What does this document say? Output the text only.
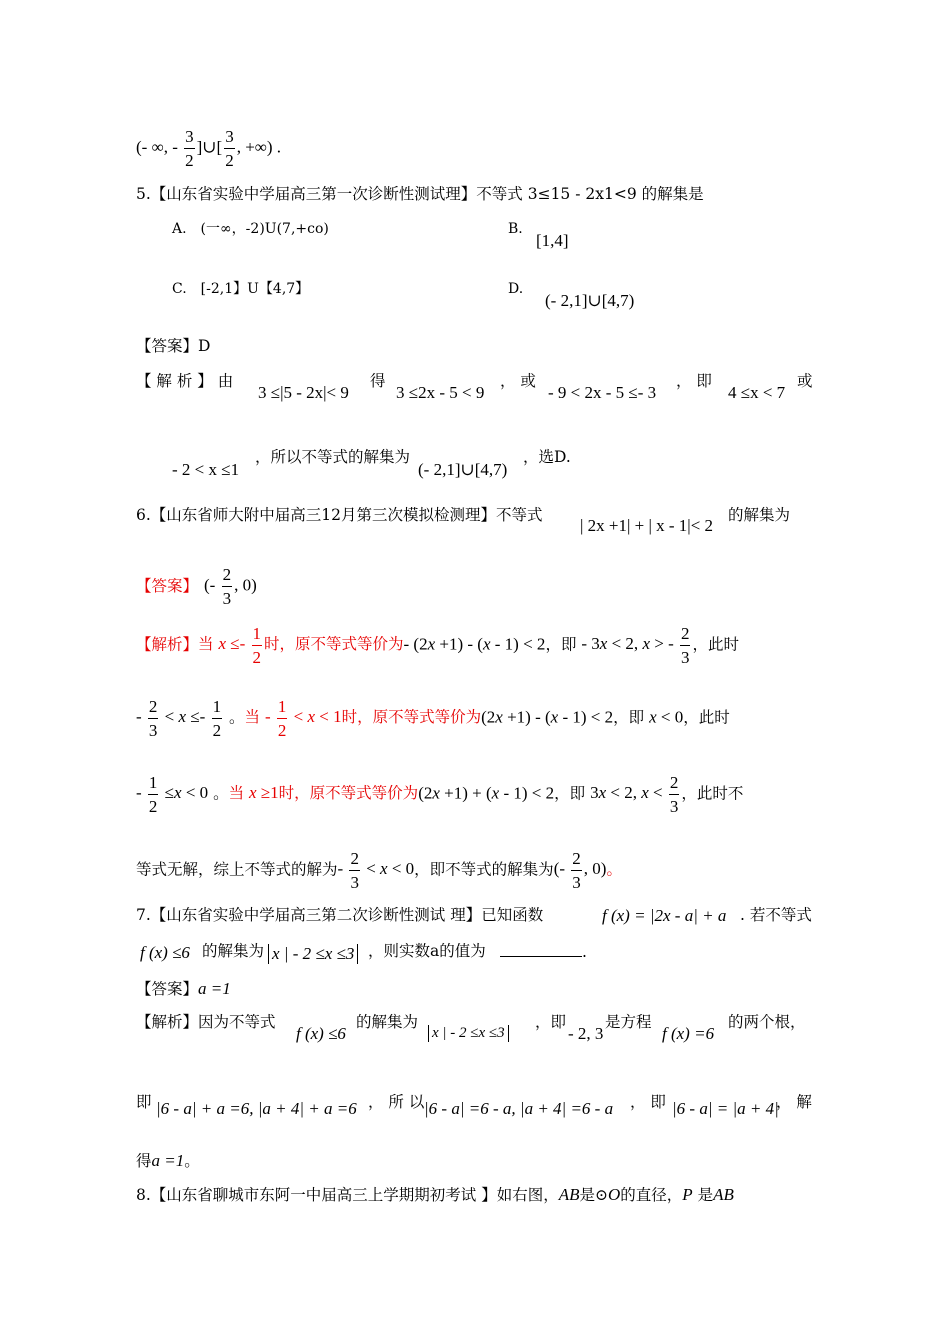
(- ∞, - $\frac{3}{2}$ ]∪[ $\frac{3}{2}$ , +∞) .
5.【山东省实验中学届高三第一次诊断性测试理】不等式 3≤15 - 2x1<9 的解集是
A.　(一∞，-2)U(7,+co)	B.
[1,4]
C.　[-2,1】U【4,7】	D.
(- 2,1]∪[4,7)
【答案】D
【 解 析 】 由
3 ≤|5 - 2x|< 9
得
3 ≤2x - 5 < 9
， 或
- 9 < 2x - 5 ≤- 3
， 即
4 ≤x < 7
或
- 2 < x ≤1
，所以不等式的解集为
(- 2,1]∪[4,7)
，选D.
6.【山东省师大附中届高三12月第三次模拟检测理】不等式
| 2x +1| + | x - 1|< 2
的解集为
【答案】 (- $\frac{2}{3}$ , 0)
【解析】当 $x \le- \frac{1}{2}$ 时，原不等式等价为- (2x +1) - (x - 1) < 2，即 - 3x < 2, x > - $\frac{2}{3}$ ，此时
- $\frac{2}{3} < x \le- \frac{1}{2}$ 。当 - $\frac{1}{2} < x < 1$时，原不等式等价为(2x +1) - (x - 1) < 2，即 x < 0，此时
- $\frac{1}{2} \le x < 0$ 。当 x ≥1时，原不等式等价为(2x +1) + (x - 1) < 2，即 3x < 2, $x < \frac{2}{3}$ ，此时不
等式无解，综上不等式的解为- $\frac{2}{3} < x < 0$，即不等式的解集为(- $\frac{2}{3}$ , 0)。
7.【山东省实验中学届高三第二次诊断性测试 理】已知函数	f (x) = |2x - a| + a . 若不等式
f (x) ≤6 的解集为 x | - 2 ≤x ≤3 ，则实数a的值为	.
【答案】a =1
【解析】因为不等式
f (x) ≤6
的解集为
x | - 2 ≤x ≤3
，即
- 2, 3
是方程
f (x) =6
的两个根，
即 |6 - a| + a =6, |a + 4| + a =6 ， 所 以 |6 - a| =6 - a, |a + 4| =6 - a ， 即 |6 - a| = |a + 4|
， 解
得a =1。
8.【山东省聊城市东阿一中届高三上学期期初考试 】如右图，AB是⊙O的直径，P 是AB
